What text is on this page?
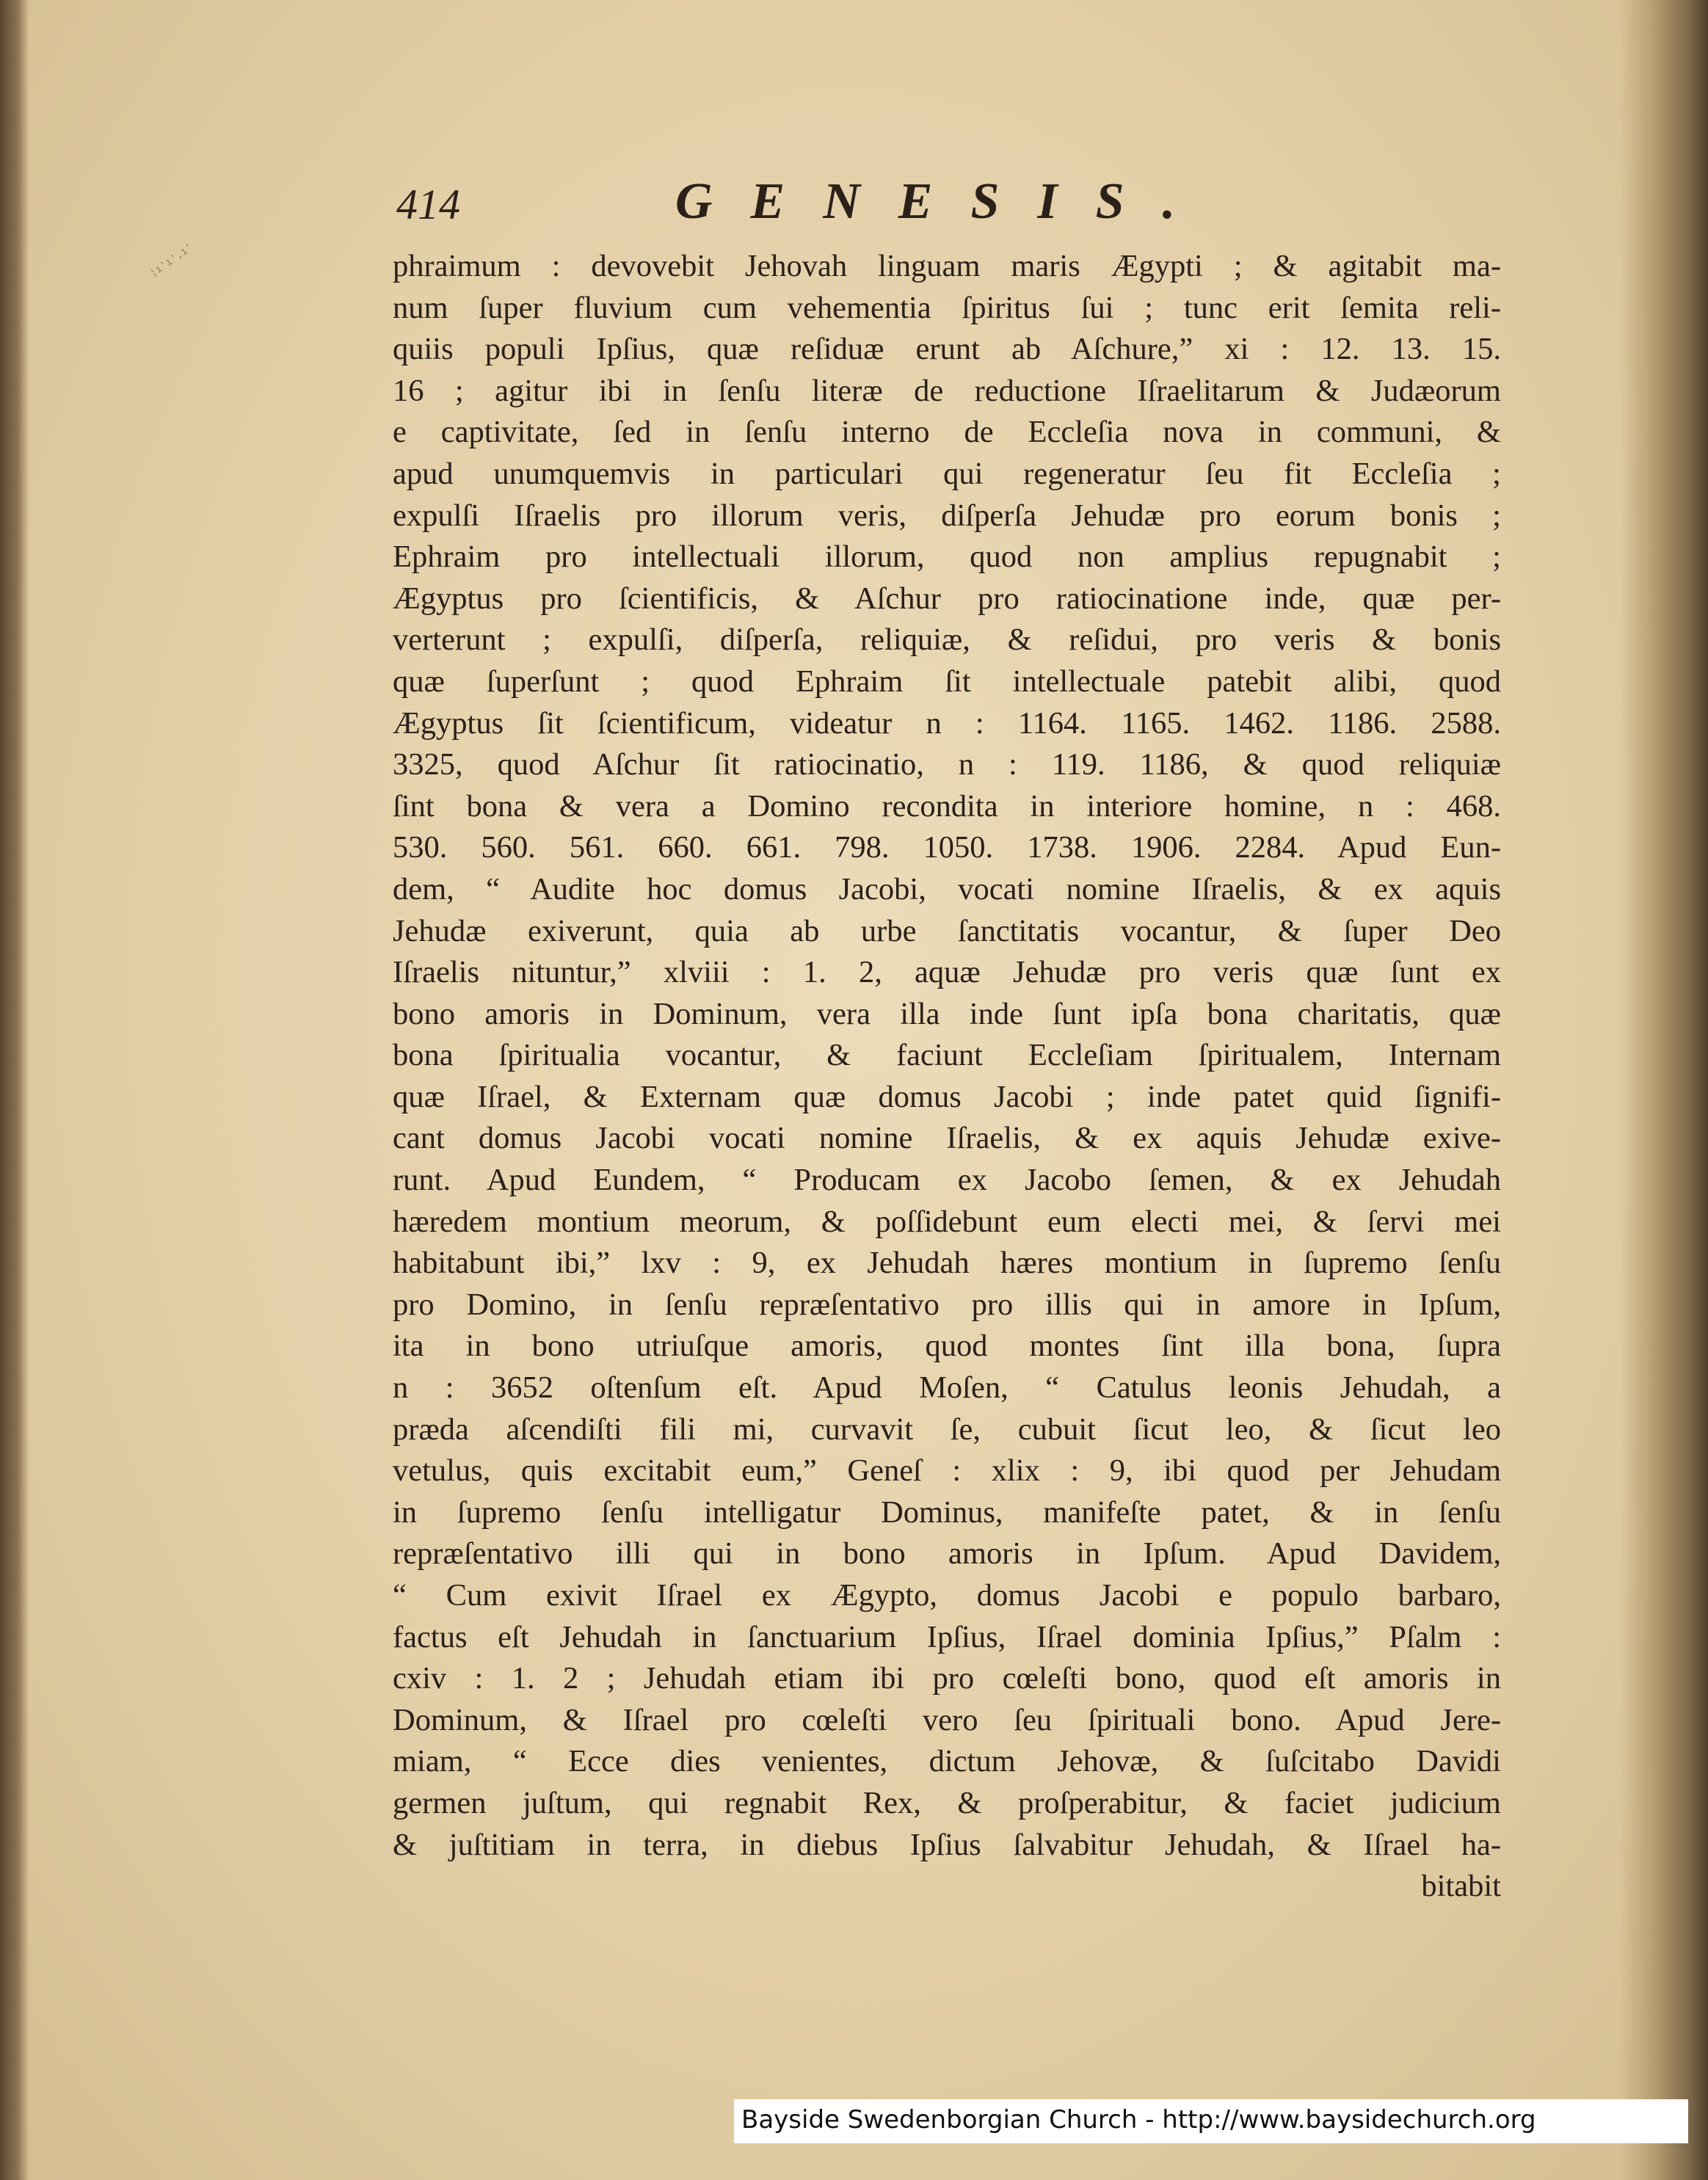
¦ı'ı',ı'
414	GENESIS.
phraimum : devovebit Jehovah linguam maris Ægypti ; & agitabit ma-
num ſuper fluvium cum vehementia ſpiritus ſui ; tunc erit ſemita reli-
quiis populi Ipſius, quæ reſiduæ erunt ab Aſchure,” xi : 12. 13. 15.
16 ; agitur ibi in ſenſu literæ de reductione Iſraelitarum & Judæorum
e captivitate, ſed in ſenſu interno de Eccleſia nova in communi, &
apud unumquemvis in particulari qui regeneratur ſeu fit Eccleſia ;
expulſi Iſraelis pro illorum veris, diſperſa Jehudæ pro eorum bonis ;
Ephraim pro intellectuali illorum, quod non amplius repugnabit ;
Ægyptus pro ſcientificis, & Aſchur pro ratiocinatione inde, quæ per-
verterunt ; expulſi, diſperſa, reliquiæ, & reſidui, pro veris & bonis
quæ ſuperſunt ; quod Ephraim ſit intellectuale patebit alibi, quod
Ægyptus ſit ſcientificum, videatur n : 1164. 1165. 1462. 1186. 2588.
3325, quod Aſchur ſit ratiocinatio, n : 119. 1186, & quod reliquiæ
ſint bona & vera a Domino recondita in interiore homine, n : 468.
530. 560. 561. 660. 661. 798. 1050. 1738. 1906. 2284. Apud Eun-
dem, “ Audite hoc domus Jacobi, vocati nomine Iſraelis, & ex aquis
Jehudæ exiverunt, quia ab urbe ſanctitatis vocantur, & ſuper Deo
Iſraelis nituntur,” xlviii : 1. 2, aquæ Jehudæ pro veris quæ ſunt ex
bono amoris in Dominum, vera illa inde ſunt ipſa bona charitatis, quæ
bona ſpiritualia vocantur, & faciunt Eccleſiam ſpiritualem, Internam
quæ Iſrael, & Externam quæ domus Jacobi ; inde patet quid ſignifi-
cant domus Jacobi vocati nomine Iſraelis, & ex aquis Jehudæ exive-
runt. Apud Eundem, “ Producam ex Jacobo ſemen, & ex Jehudah
hæredem montium meorum, & poſſidebunt eum electi mei, & ſervi mei
habitabunt ibi,” lxv : 9, ex Jehudah hæres montium in ſupremo ſenſu
pro Domino, in ſenſu repræſentativo pro illis qui in amore in Ipſum,
ita in bono utriuſque amoris, quod montes ſint illa bona, ſupra
n : 3652 oſtenſum eſt. Apud Moſen, “ Catulus leonis Jehudah, a
præda aſcendiſti fili mi, curvavit ſe, cubuit ſicut leo, & ſicut leo
vetulus, quis excitabit eum,” Geneſ : xlix : 9, ibi quod per Jehudam
in ſupremo ſenſu intelligatur Dominus, manifeſte patet, & in ſenſu
repræſentativo illi qui in bono amoris in Ipſum. Apud Davidem,
“ Cum exivit Iſrael ex Ægypto, domus Jacobi e populo barbaro,
factus eſt Jehudah in ſanctuarium Ipſius, Iſrael dominia Ipſius,” Pſalm :
cxiv : 1. 2 ; Jehudah etiam ibi pro cœleſti bono, quod eſt amoris in
Dominum, & Iſrael pro cœleſti vero ſeu ſpirituali bono. Apud Jere-
miam, “ Ecce dies venientes, dictum Jehovæ, & ſuſcitabo Davidi
germen juſtum, qui regnabit Rex, & proſperabitur, & faciet judicium
& juſtitiam in terra, in diebus Ipſius ſalvabitur Jehudah, & Iſrael ha-
bitabit
Bayside Swedenborgian Church - http://www.baysidechurch.org
